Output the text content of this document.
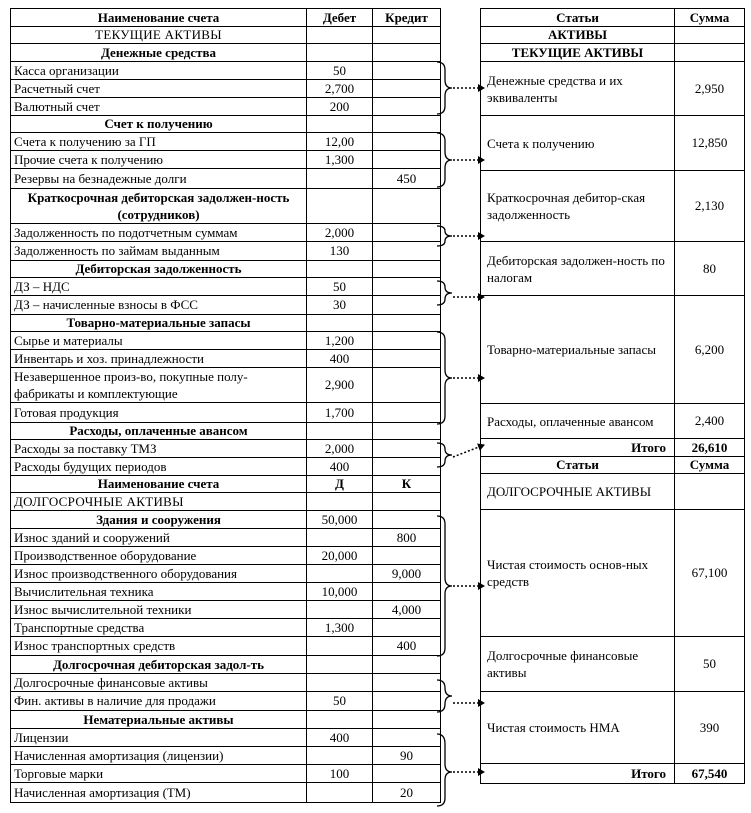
Наименование счета	Дебет	Кредит
ТЕКУЩИЕ АКТИВЫ		
Денежные средства		
Касса организации	50	
Расчетный счет	2,700	
Валютный счет	200	
Счет к получению		
Счета к получению за ГП	12,00	
Прочие счета к получению	1,300	
Резервы на безнадежные долги		450
Краткосрочная дебиторская задолжен-ность (сотрудников)		
Задолженность по подотчетным суммам	2,000	
Задолженность по займам выданным	130	
Дебиторская задолженность		
ДЗ – НДС	50	
ДЗ – начисленные взносы в ФСС	30	
Товарно-материальные запасы		
Сырье и материалы	1,200	
Инвентарь и хоз. принадлежности	400	
Незавершенное произ-во, покупные полу-фабрикаты и комплектующие	2,900	
Готовая продукция	1,700	
Расходы, оплаченные авансом		
Расходы за поставку ТМЗ	2,000	
Расходы будущих периодов	400	
Наименование счета	Д	К
ДОЛГОСРОЧНЫЕ АКТИВЫ		
Здания и сооружения	50,000	
Износ зданий и сооружений		800
Производственное оборудование	20,000	
Износ производственного оборудования		9,000
Вычислительная техника	10,000	
Износ вычислительной техники		4,000
Транспортные средства	1,300	
Износ транспортных средств		400
Долгосрочная дебиторская задол-ть		
Долгосрочные финансовые активы		
Фин. активы в наличие для продажи	50	
Нематериальные активы		
Лицензии	400	
Начисленная амортизация (лицензии)		90
Торговые марки	100	
Начисленная амортизация (ТМ)		20
Статьи	Сумма
АКТИВЫ	
ТЕКУЩИЕ АКТИВЫ	
Денежные средства и их эквиваленты	2,950
Счета к получению	12,850
Краткосрочная дебитор-ская задолженность	2,130
Дебиторская задолжен-ность по налогам	80
Товарно-материальные запасы	6,200
Расходы, оплаченные авансом	2,400
Итого	26,610
Статьи	Сумма
ДОЛГОСРОЧНЫЕ АКТИВЫ	
Чистая стоимость основ-ных средств	67,100
Долгосрочные финансовые активы	50
Чистая стоимость НМА	390
Итого	67,540
